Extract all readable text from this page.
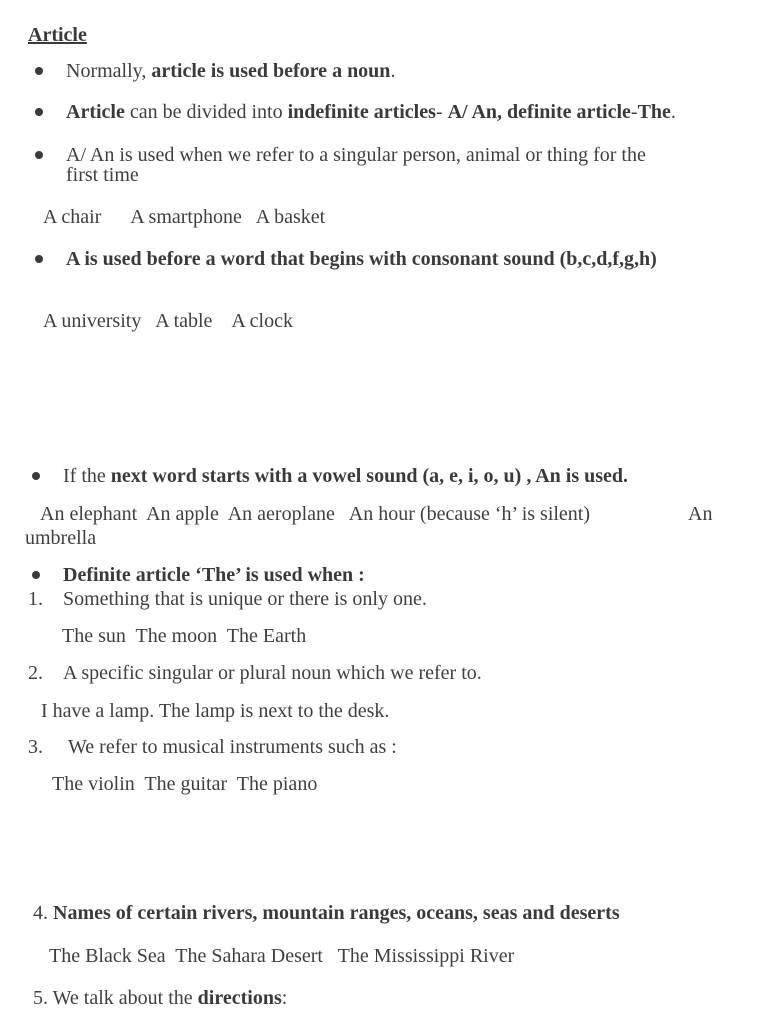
Article
Normally, article is used before a noun.
Article can be divided into indefinite articles- A/ An, definite article-The.
A/ An is used when we refer to a singular person, animal or thing for the
first time
A chair      A smartphone   A basket
A is used before a word that begins with consonant sound (b,c,d,f,g,h)
A university   A table    A clock
If the next word starts with a vowel sound (a, e, i, o, u) , An is used.
An elephant  An apple  An aeroplane   An hour (because ‘h’ is silent)	An
umbrella
Definite article ‘The’ is used when :
1. Something that is unique or there is only one.
The sun  The moon  The Earth
2. A specific singular or plural noun which we refer to.
I have a lamp. The lamp is next to the desk.
3. We refer to musical instruments such as :
The violin  The guitar  The piano
4. Names of certain rivers, mountain ranges, oceans, seas and deserts
The Black Sea  The Sahara Desert   The Mississippi River
5. We talk about the directions:
